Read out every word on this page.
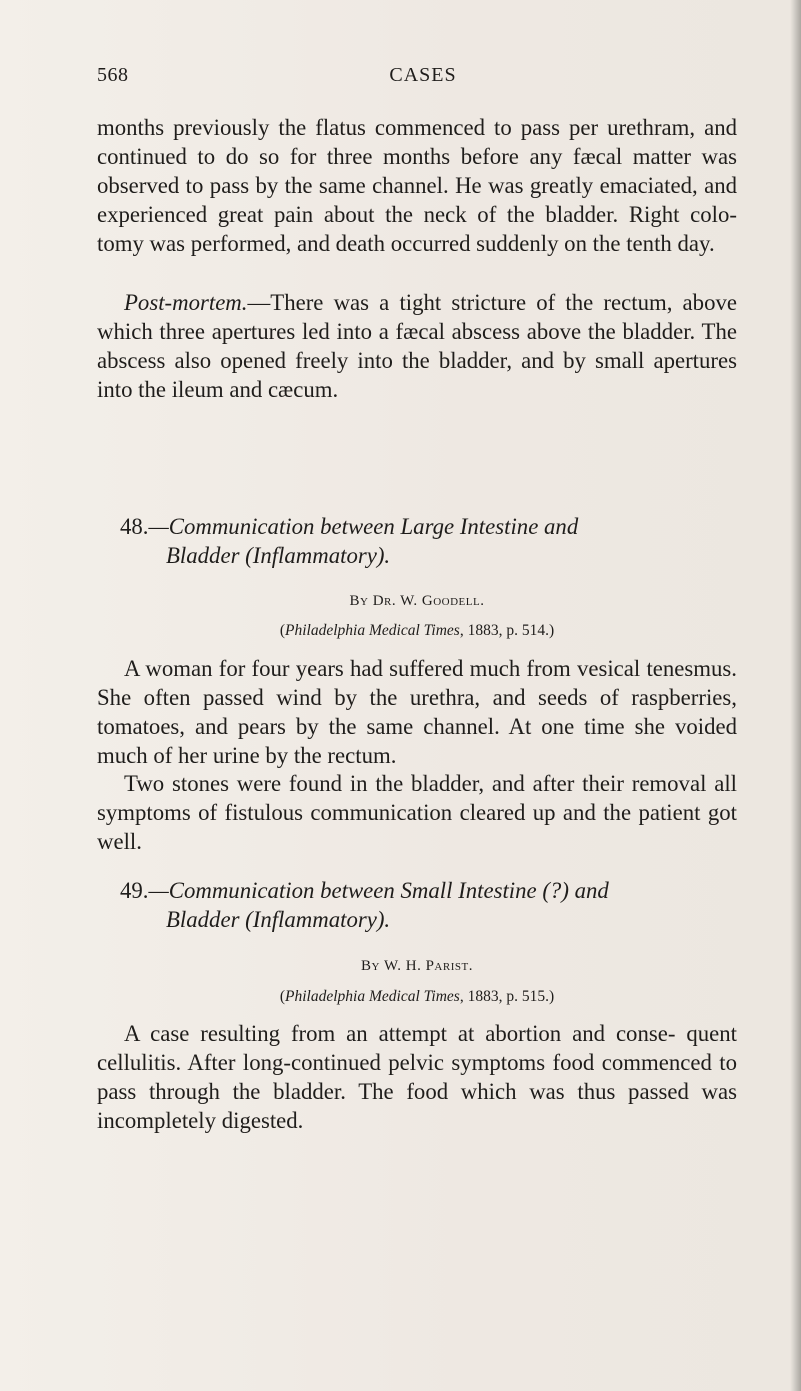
568	CASES

months previously the flatus commenced to pass per urethram, and continued to do so for three months before any fæcal matter was observed to pass by the same channel. He was greatly emaciated, and experienced great pain about the neck of the bladder. Right colo- tomy was performed, and death occurred suddenly on the tenth day.

Post-mortem.—There was a tight stricture of the rectum, above which three apertures led into a fæcal abscess above the bladder. The abscess also opened freely into the bladder, and by small apertures into the ileum and cæcum.

48.—Communication between Large Intestine and
Bladder (Inflammatory).
By Dr. W. Goodell.
(Philadelphia Medical Times, 1883, p. 514.)

A woman for four years had suffered much from vesical tenesmus. She often passed wind by the urethra, and seeds of raspberries, tomatoes, and pears by the same channel. At one time she voided much of her urine by the rectum.

Two stones were found in the bladder, and after their removal all symptoms of fistulous communication cleared up and the patient got well.

49.—Communication between Small Intestine (?) and
Bladder (Inflammatory).
By W. H. Parist.
(Philadelphia Medical Times, 1883, p. 515.)

A case resulting from an attempt at abortion and conse- quent cellulitis. After long-continued pelvic symptoms food commenced to pass through the bladder. The food which was thus passed was incompletely digested.
